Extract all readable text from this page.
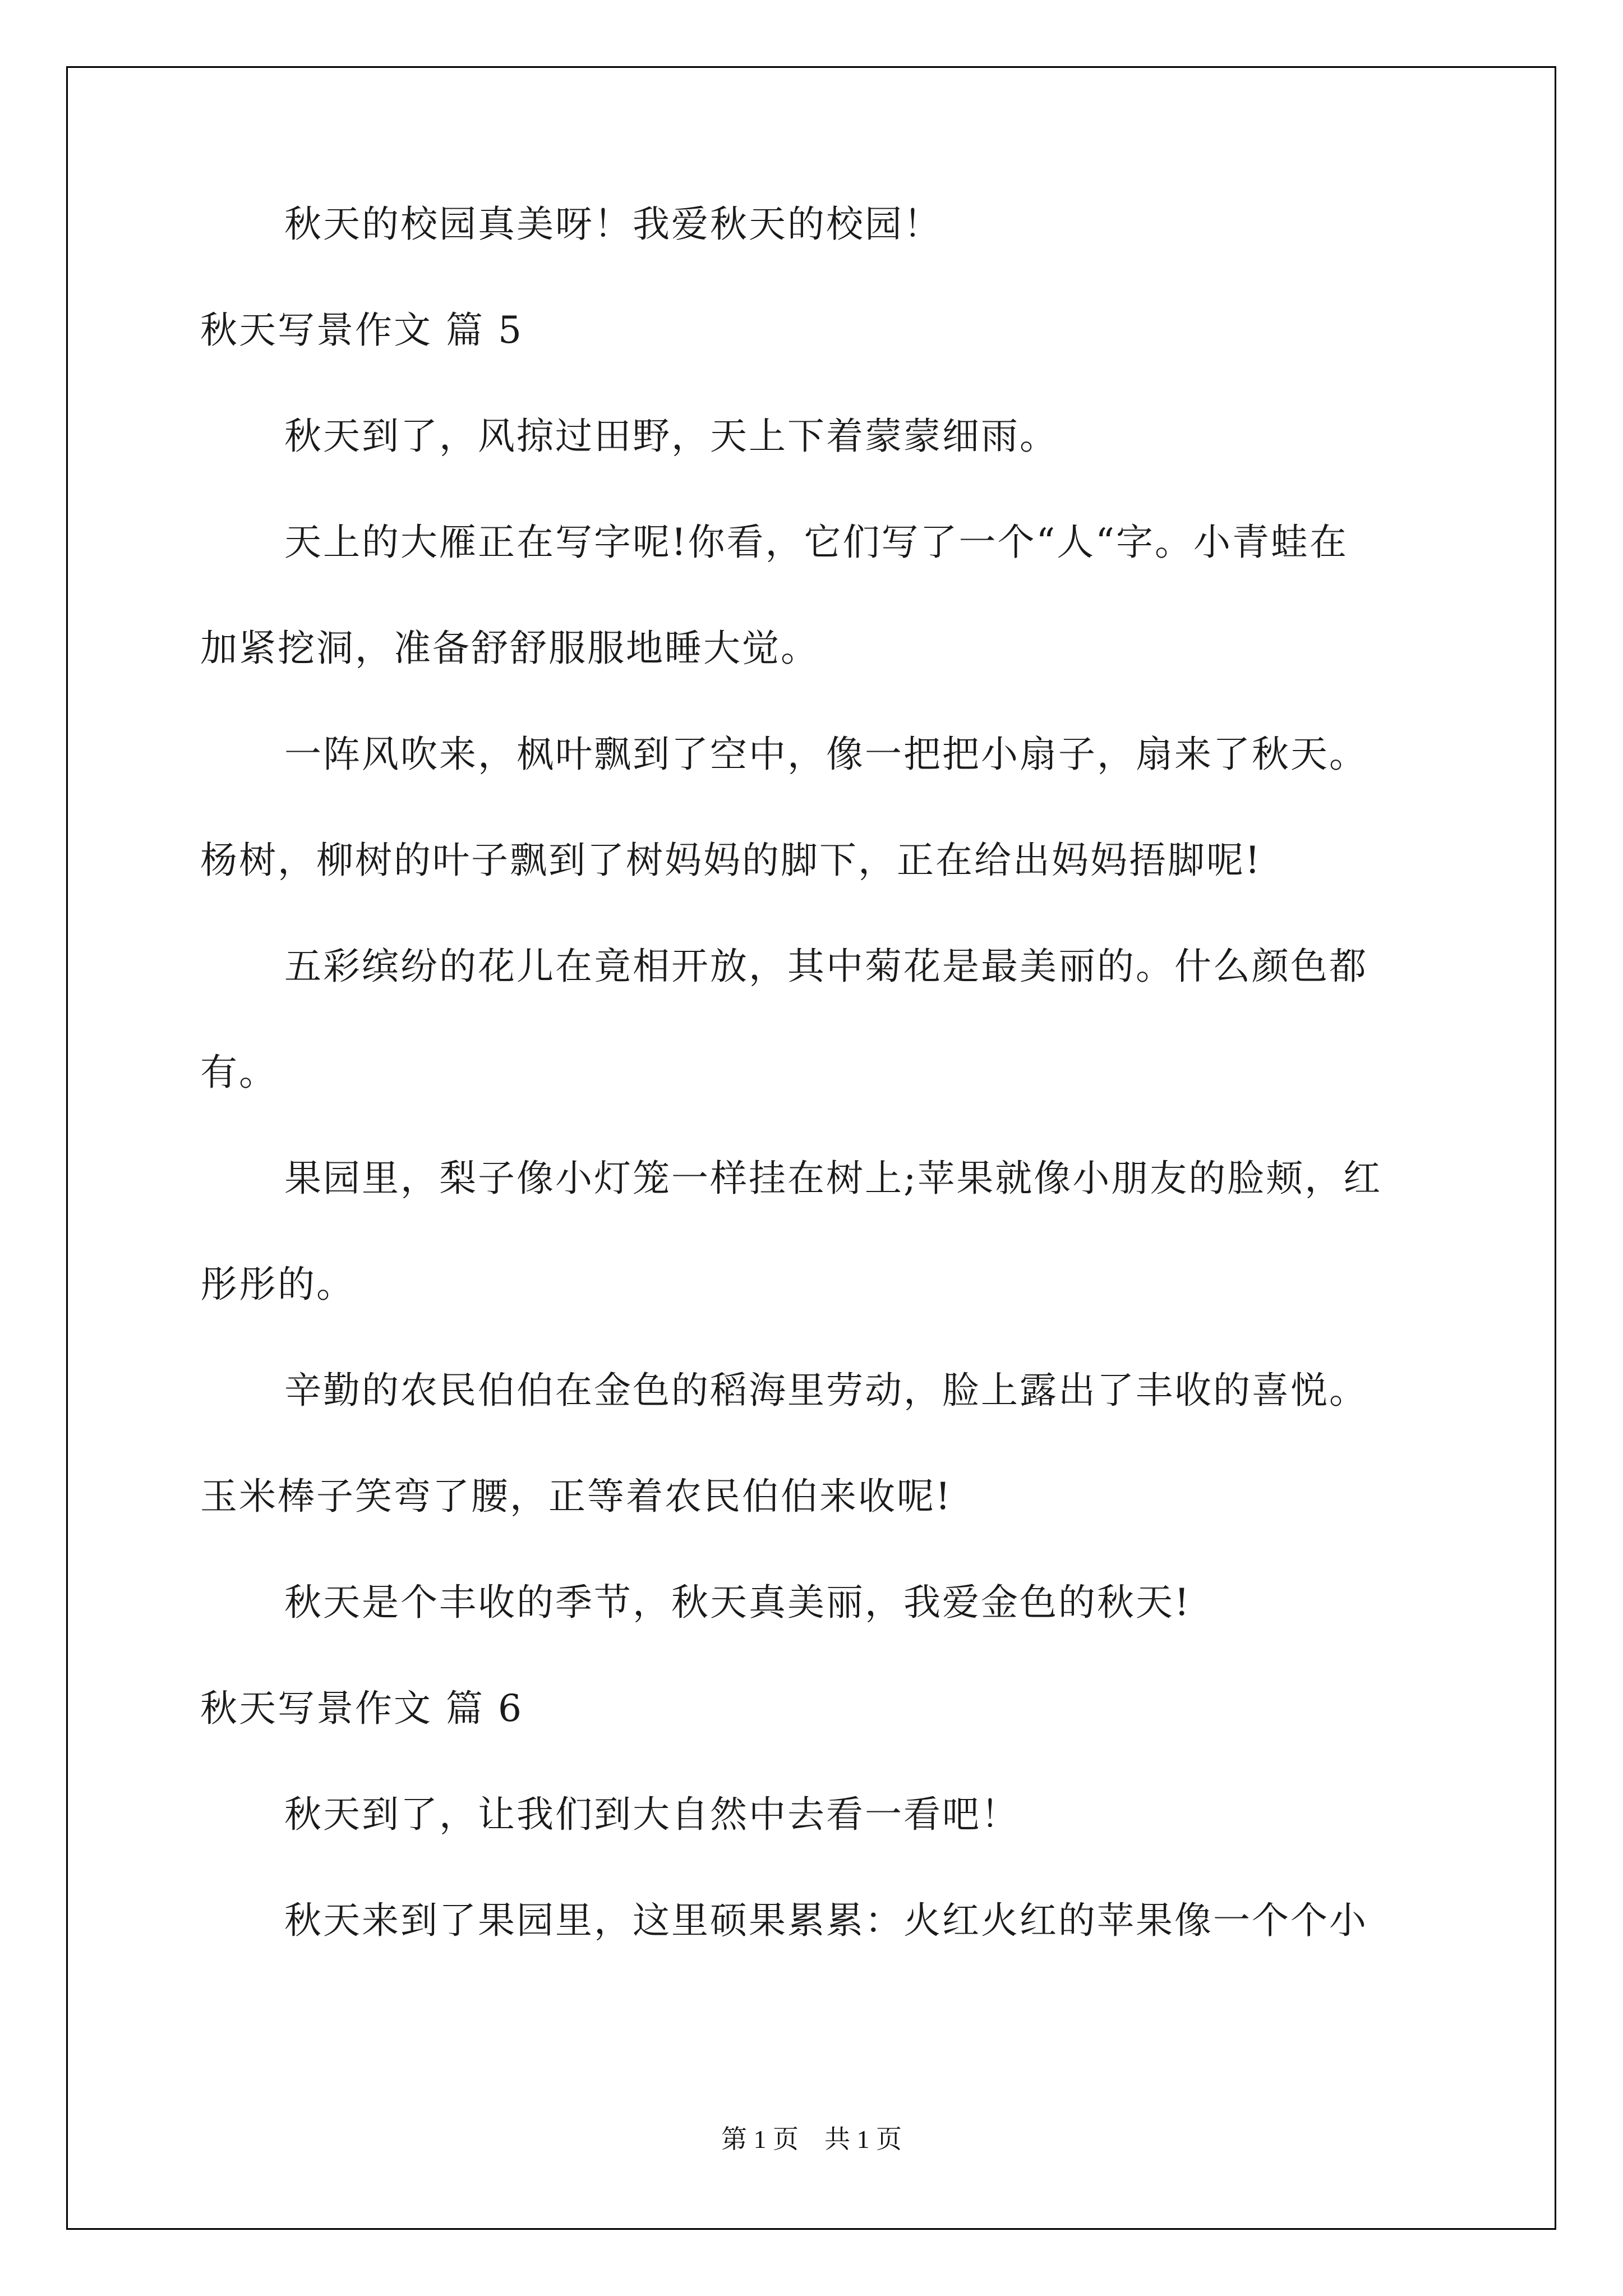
秋天的校园真美呀！我爱秋天的校园！
秋天写景作文 篇 5
秋天到了，风掠过田野，天上下着蒙蒙细雨。
天上的大雁正在写字呢!你看，它们写了一个“人“字。小青蛙在
加紧挖洞，准备舒舒服服地睡大觉。
一阵风吹来，枫叶飘到了空中，像一把把小扇子，扇来了秋天。
杨树，柳树的叶子飘到了树妈妈的脚下，正在给出妈妈捂脚呢!
五彩缤纷的花儿在竟相开放，其中菊花是最美丽的。什么颜色都
有。
果园里，梨子像小灯笼一样挂在树上;苹果就像小朋友的脸颊，红
彤彤的。
辛勤的农民伯伯在金色的稻海里劳动，脸上露出了丰收的喜悦。
玉米棒子笑弯了腰，正等着农民伯伯来收呢!
秋天是个丰收的季节，秋天真美丽，我爱金色的秋天!
秋天写景作文 篇 6
秋天到了，让我们到大自然中去看一看吧！
秋天来到了果园里，这里硕果累累：火红火红的苹果像一个个小
第 1 页　共 1 页
